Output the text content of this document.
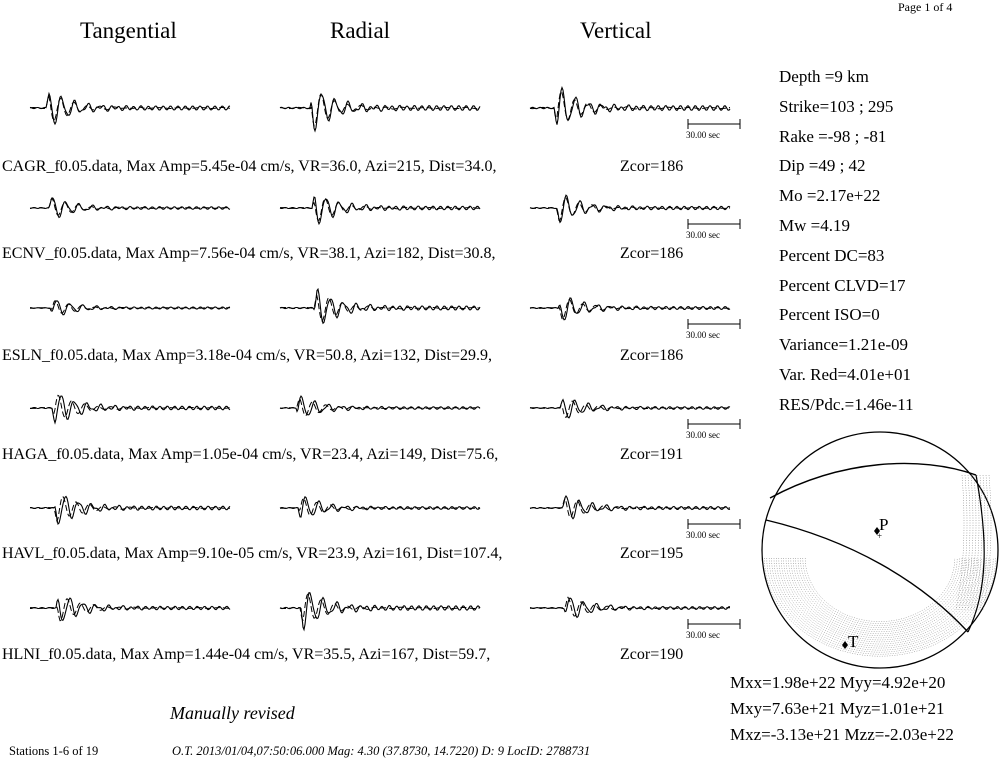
Page 1 of 4
Tangential	Radial	Vertical
30.00 sec
30.00 sec
30.00 sec
30.00 sec
30.00 sec
30.00 sec
+
P
T
CAGR_f0.05.data, Max Amp=5.45e-04 cm/s, VR=36.0, Azi=215, Dist=34.0,
ECNV_f0.05.data, Max Amp=7.56e-04 cm/s, VR=38.1, Azi=182, Dist=30.8,
ESLN_f0.05.data, Max Amp=3.18e-04 cm/s, VR=50.8, Azi=132, Dist=29.9,
HAGA_f0.05.data, Max Amp=1.05e-04 cm/s, VR=23.4, Azi=149, Dist=75.6,
HAVL_f0.05.data, Max Amp=9.10e-05 cm/s, VR=23.9, Azi=161, Dist=107.4,
HLNI_f0.05.data, Max Amp=1.44e-04 cm/s, VR=35.5, Azi=167, Dist=59.7,
Zcor=186
Zcor=186
Zcor=186
Zcor=191
Zcor=195
Zcor=190
Depth =9 km
Strike=103 ; 295
Rake =-98 ; -81
Dip =49 ; 42
Mo =2.17e+22
Mw =4.19
Percent DC=83
Percent CLVD=17
Percent ISO=0
Variance=1.21e-09
Var. Red=4.01e+01
RES/Pdc.=1.46e-11
Mxx=1.98e+22 Myy=4.92e+20
Mxy=7.63e+21 Myz=1.01e+21
Mxz=-3.13e+21 Mzz=-2.03e+22
Manually revised
Stations 1-6 of 19	O.T. 2013/01/04,07:50:06.000 Mag: 4.30 (37.8730, 14.7220) D: 9 LocID: 2788731
